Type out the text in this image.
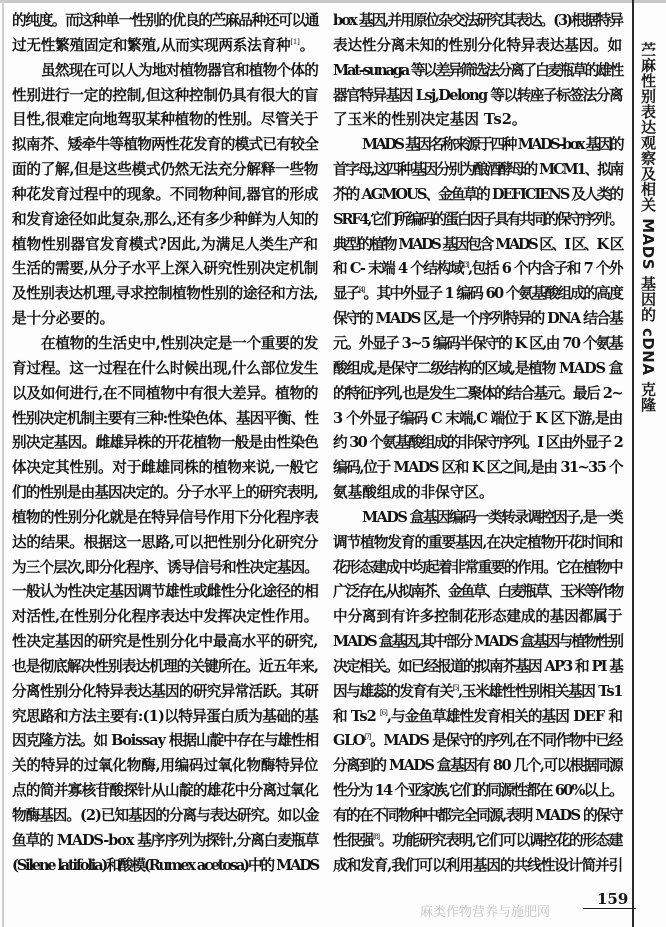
的纯度。而这种单一性别的优良的苎麻品种还可以通
过无性繁殖固定和繁殖,从而实现两系法育种[1]。
虽然现在可以人为地对植物器官和植物个体的
性别进行一定的控制,但这种控制仍具有很大的盲
目性,很难定向地驾驭某种植物的性别。尽管关于
拟南芥、矮牵牛等植物两性花发育的模式已有较全
面的了解,但是这些模式仍然无法充分解释一些物
种花发育过程中的现象。不同物种间,器官的形成
和发育途径如此复杂,那么,还有多少种鲜为人知的
植物性别器官发育模式?因此,为满足人类生产和
生活的需要,从分子水平上深入研究性别决定机制
及性别表达机理,寻求控制植物性别的途径和方法,
是十分必要的。
在植物的生活史中,性别决定是一个重要的发
育过程。这一过程在什么时候出现,什么部位发生
以及如何进行,在不同植物中有很大差异。植物的
性别决定机制主要有三种:性染色体、基因平衡、性
别决定基因。雌雄异株的开花植物一般是由性染色
体决定其性别。对于雌雄同株的植物来说,一般它
们的性别是由基因决定的。分子水平上的研究表明,
植物的性别分化就是在特异信号作用下分化程序表
达的结果。根据这一思路,可以把性别分化研究分
为三个层次,即分化程序、诱导信号和性决定基因。
一般认为性决定基因调节雄性或雌性分化途径的相
对活性,在性别分化程序表达中发挥决定性作用。
性决定基因的研究是性别分化中最高水平的研究,
也是彻底解决性别表达机理的关键所在。近五年来,
分离性别分化特异表达基因的研究异常活跃。其研
究思路和方法主要有:(1)以特异蛋白质为基础的基
因克隆方法。如 Boissay 根据山靛中存在与雄性相
关的特异的过氧化物酶,用编码过氧化物酶特异位
点的简并寡核苷酸探针从山靛的雄花中分离过氧化
物酶基因。(2)已知基因的分离与表达研究。如以金
鱼草的 MADS-box 基序序列为探针,分离白麦瓶草
(Silene latifolia)和酸模(Rumex acetosa)中的 MADS
box 基因,并用原位杂交法研究其表达。(3)根据特异
表达性分离未知的性别分化特异表达基因。如
Mat-sunaga 等以差异筛选法分离了白麦瓶草的雄性
器官特异基因 Lsj,Delong 等以转座子标签法分离
了玉米的性别决定基因 Ts2。
MADS 基因名称来源于四种 MADS-box 基因的
首字母,这四种基因分别为酿酒酵母的 MCM1、拟南
芥的 AGMOUS、金鱼草的 DEFICIENS 及人类的
SRF4,它们所编码的蛋白因子具有共同的保守序列[2]。
典型的植物 MADS 基因包含 MADS 区、I 区、K 区
和 C- 末端 4 个结构域[3],包括 6 个内含子和 7 个外
显子[4]。其中外显子 1 编码 60 个氨基酸组成的高度
保守的 MADS 区,是一个序列特异的 DNA 结合基
元。外显子 3~5 编码半保守的 K 区,由 70 个氨基
酸组成,是保守二级结构的区域,是植物 MADS 盒
的特征序列,也是发生二聚体的结合基元。最后 2~
3 个外显子编码 C 末端,C 端位于 K 区下游,是由
约 30 个氨基酸组成的非保守序列。I 区由外显子 2
编码,位于 MADS 区和 K 区之间,是由 31~35 个
氨基酸组成的非保守区。
MADS 盒基因编码一类转录调控因子,是一类
调节植物发育的重要基因,在决定植物开花时间和
花形态建成中均起着非常重要的作用。它在植物中
广泛存在,从拟南芥、金鱼草、白麦瓶草、玉米等作物
中分离到有许多控制花形态建成的基因都属于
MADS 盒基因,其中部分 MADS 盒基因与植物性别
决定相关。如已经报道的拟南芥基因 AP3 和 PI 基
因与雄蕊的发育有关[5],玉米雄性性别相关基因 Ts1
和 Ts2 [6],与金鱼草雄性发育相关的基因 DEF 和
GLO[7]。MADS 是保守的序列,在不同作物中已经
分离到的 MADS 盒基因有 80 几个,可以根据同源
性分为 14 个亚家族,它们的同源性都在 60%以上。
有的在不同物种中都完全同源,表明 MADS 的保守
性很强[8]。功能研究表明,它们可以调控花的形态建
成和发育,我们可以利用基因的共线性设计简并引
苎麻性别表达观察及相关 MADS 基因的 cDNA 克隆
麻类作物营养与施肥网
159
